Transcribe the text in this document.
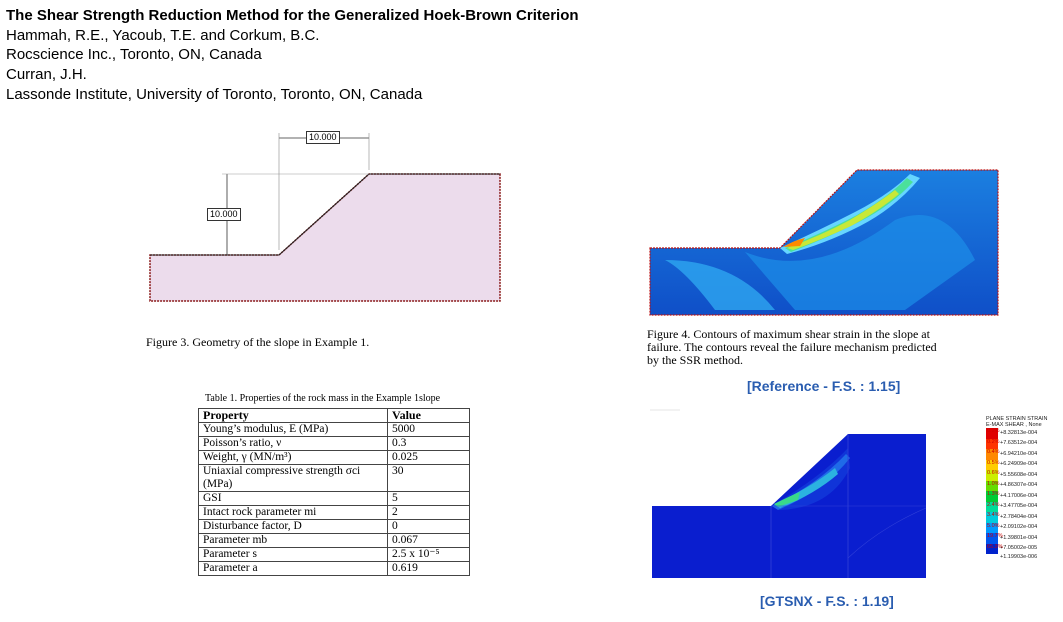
The Shear Strength Reduction Method for the Generalized Hoek-Brown Criterion
Hammah, R.E., Yacoub, T.E. and Corkum, B.C.
Rocscience Inc., Toronto, ON, Canada
Curran, J.H.
Lassonde Institute, University of Toronto, Toronto, ON, Canada
10.000
10.000
Figure 3. Geometry of the slope in Example 1.
Figure 4. Contours of maximum shear strain in the slope at
failure. The contours reveal the failure mechanism predicted
by the SSR method.
[Reference - F.S. : 1.15]
Table 1. Properties of the rock mass in the Example 1slope
Property	Value
Young’s modulus, E (MPa)	5000
Poisson’s ratio, ν	0.3
Weight, γ (MN/m³)	0.025
Uniaxial compressive strength σci (MPa)	30
GSI	5
Intact rock parameter mi	2
Disturbance factor, D	0
Parameter mb	0.067
Parameter s	2.5 x 10⁻⁵
Parameter a	0.619
PLANE STRAIN STRAIN
E-MAX SHEAR , None
0.2% +8.32813e-004
0.2% +7.63512e-004
0.4% +6.94210e-004
0.5% +6.24909e-004
0.6% +5.55608e-004
1.0% +4.86307e-004
1.3% +4.17006e-004
2.4% +3.47705e-004
3.4% +2.78404e-004
5.0% +2.09102e-004
19.7%
+1.39801e-004
65.3%
+7.05002e-005
+1.19903e-006
[GTSNX - F.S. : 1.19]
